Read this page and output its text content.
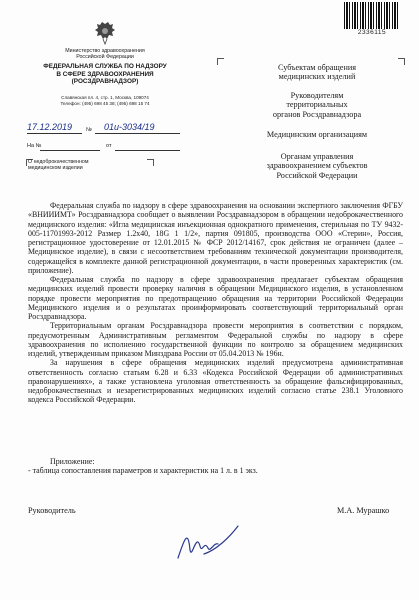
2336115
Министерство здравоохранения
Российской Федерации
ФЕДЕРАЛЬНАЯ СЛУЖБА ПО НАДЗОРУ
В СФЕРЕ ЗДРАВООХРАНЕНИЯ
(РОСЗДРАВНАДЗОР)
Славянская пл. 4, стр. 1, Москва, 109074
Телефон: (495) 698 45 38; (495) 698 15 74
17.12.2019	№ 01и-3034/19
На №	от
О недоброкачественном
медицинском изделии
Субъектам обращения
медицинских изделий
Руководителям
территориальных
органов Росздравнадзора
Медицинским организациям
Органам управления
здравоохранением субъектов
Российской Федерации

Федеральная служба по надзору в сфере здравоохранения на основании экспертного заключения ФГБУ «ВНИИИМТ» Росздравнадзора сообщает о выявлении Росздравнадзором в обращении недоброкачественного медицинского изделия: «Игла медицинская инъекционная однократного применения, стерильная по ТУ 9432-005-11701993-2012 Размер 1.2х40, 18G 1 1/2», партия 091805, производства ООО «Стерин», Россия, регистрационное удостоверение от 12.01.2015 № ФСР 2012/14167, срок действия не ограничен (далее – Медицинское изделие), в связи с несоответствием требованиям технической документации производителя, содержащейся в комплекте данной регистрационной документации, в части проверенных характеристик (см. приложение).

Федеральная служба по надзору в сфере здравоохранения предлагает субъектам обращения медицинских изделий провести проверку наличия в обращении Медицинского изделия, в установленном порядке провести мероприятия по предотвращению обращения на территории Российской Федерации Медицинского изделия и о результатах проинформировать соответствующий территориальный орган Росздравнадзора.

Территориальным органам Росздравнадзора провести мероприятия в соответствии с порядком, предусмотренным Административным регламентом Федеральной службы по надзору в сфере здравоохранения по исполнению государственной функции по контролю за обращением медицинских изделий, утвержденным приказом Минздрава России от 05.04.2013 № 196н.

За нарушения в сфере обращения медицинских изделий предусмотрена административная ответственность согласно статьям 6.28 и 6.33 «Кодекса Российской Федерации об административных правонарушениях», а также установлена уголовная ответственность за обращение фальсифицированных, недоброкачественных и незарегистрированных медицинских изделий согласно статье 238.1 Уголовного кодекса Российской Федерации.

Приложение:
- таблица сопоставления параметров и характеристик на 1 л. в 1 экз.
Руководитель	М.А. Мурашко
